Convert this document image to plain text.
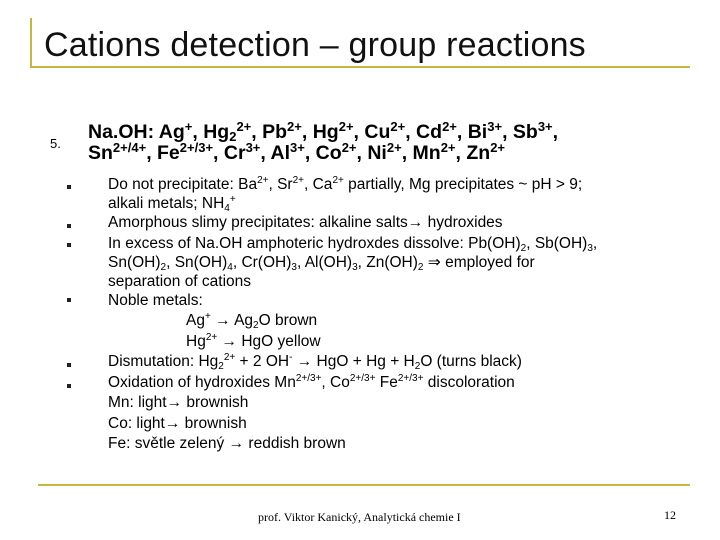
Cations detection – group reactions
5.
Na.OH: Ag+, $Hg_2^{2+}$, $Pb^{2+}$, $Hg^{2+}$, $Cu^{2+}$, $Cd^{2+}$, $Bi^{3+}$, $Sb^{3+}$,
$Sn^{2+/4+}$, $Fe^{2+/3+}$, $Cr^{3+}$, $Al^{3+}$, $Co^{2+}$, $Ni^{2+}$, $Mn^{2+}$, $Zn^{2+}$
Do not precipitate: $Ba^{2+}$, $Sr^{2+}$, $Ca^{2+}$ partially, Mg precipitates ~ pH > 9;
alkali metals; $NH_4^+$
Amorphous slimy precipitates: alkaline salts→ hydroxides
In excess of Na.OH amphoteric hydroxdes dissolve: $Pb(OH)_2$, $Sb(OH)_3$,
$Sn(OH)_2$, $Sn(OH)_4$, $Cr(OH)_3$, $Al(OH)_3$, $Zn(OH)_2$ ⇒ employed for
separation of cations
Noble metals:
$Ag^+ \to Ag_2O$ brown
$Hg^{2+}$ → HgO yellow
Dismutation: $Hg_2^{2+} + 2$ OH- → HgO + $Hg + H_2O$ (turns black)
Oxidation of hydroxides $Mn^{2+/3+}$, $Co^{2+/3+}$ $Fe^{2+/3+}$ discoloration
Mn: light→ brownish
Co: light→ brownish
Fe: světle zelený → reddish brown
prof. Viktor Kanický, Analytická chemie I	12
